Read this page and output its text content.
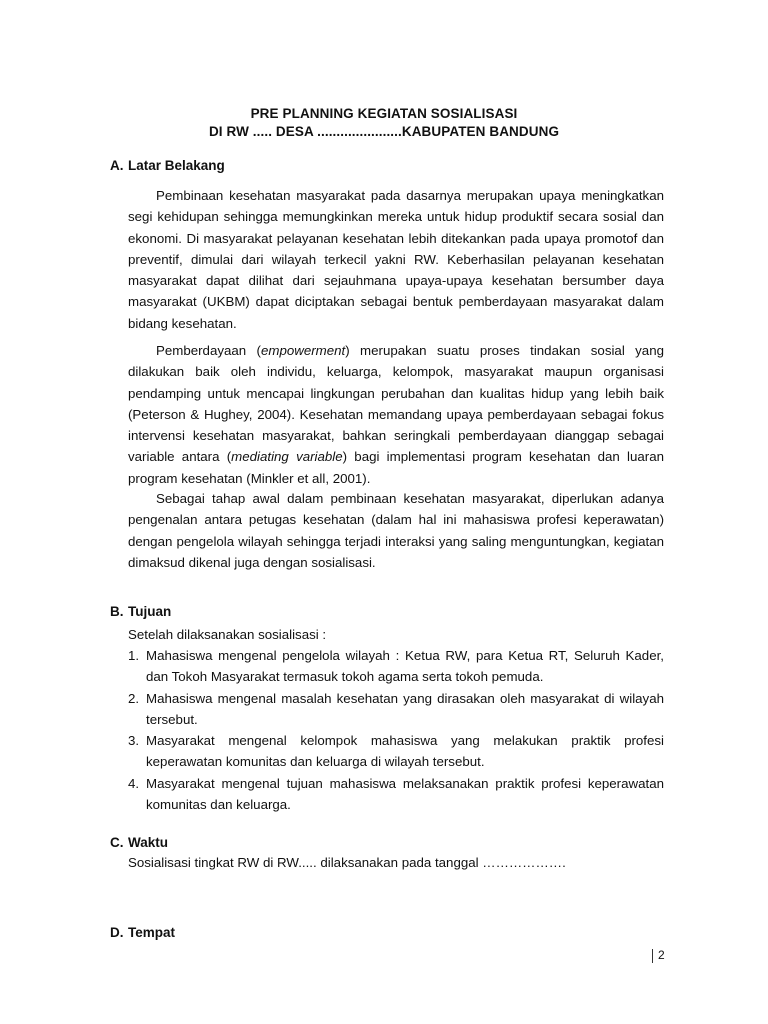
PRE PLANNING KEGIATAN SOSIALISASI
DI RW ..... DESA ......................KABUPATEN BANDUNG
A. Latar Belakang

Pembinaan kesehatan masyarakat pada dasarnya merupakan upaya meningkatkan segi kehidupan sehingga memungkinkan mereka untuk hidup produktif secara sosial dan ekonomi. Di masyarakat pelayanan kesehatan lebih ditekankan pada upaya promotof dan preventif, dimulai dari wilayah terkecil yakni RW. Keberhasilan pelayanan kesehatan masyarakat dapat dilihat dari sejauhmana upaya-upaya kesehatan bersumber daya masyarakat (UKBM) dapat diciptakan sebagai bentuk pemberdayaan masyarakat dalam bidang kesehatan.

Pemberdayaan (empowerment) merupakan suatu proses tindakan sosial yang dilakukan baik oleh individu, keluarga, kelompok, masyarakat maupun organisasi pendamping untuk mencapai lingkungan perubahan dan kualitas hidup yang lebih baik (Peterson & Hughey, 2004). Kesehatan memandang upaya pemberdayaan sebagai fokus intervensi kesehatan masyarakat, bahkan seringkali pemberdayaan dianggap sebagai variable antara (mediating variable) bagi implementasi program kesehatan dan luaran program kesehatan (Minkler et all, 2001).

Sebagai tahap awal dalam pembinaan kesehatan masyarakat, diperlukan adanya pengenalan antara petugas kesehatan (dalam hal ini mahasiswa profesi keperawatan) dengan pengelola wilayah sehingga terjadi interaksi yang saling menguntungkan, kegiatan dimaksud dikenal juga dengan sosialisasi.

B. Tujuan

Setelah dilaksanakan sosialisasi :

1. Mahasiswa mengenal pengelola wilayah : Ketua RW, para Ketua RT, Seluruh Kader, dan Tokoh Masyarakat termasuk tokoh agama serta tokoh pemuda.
2. Mahasiswa mengenal masalah kesehatan yang dirasakan oleh masyarakat di wilayah tersebut.
3. Masyarakat mengenal kelompok mahasiswa yang melakukan praktik profesi keperawatan komunitas dan keluarga di wilayah tersebut.
4. Masyarakat mengenal tujuan mahasiswa melaksanakan praktik profesi keperawatan komunitas dan keluarga.
C. Waktu

Sosialisasi tingkat RW di RW..... dilaksanakan pada tanggal ……………….

D. Tempat
2
